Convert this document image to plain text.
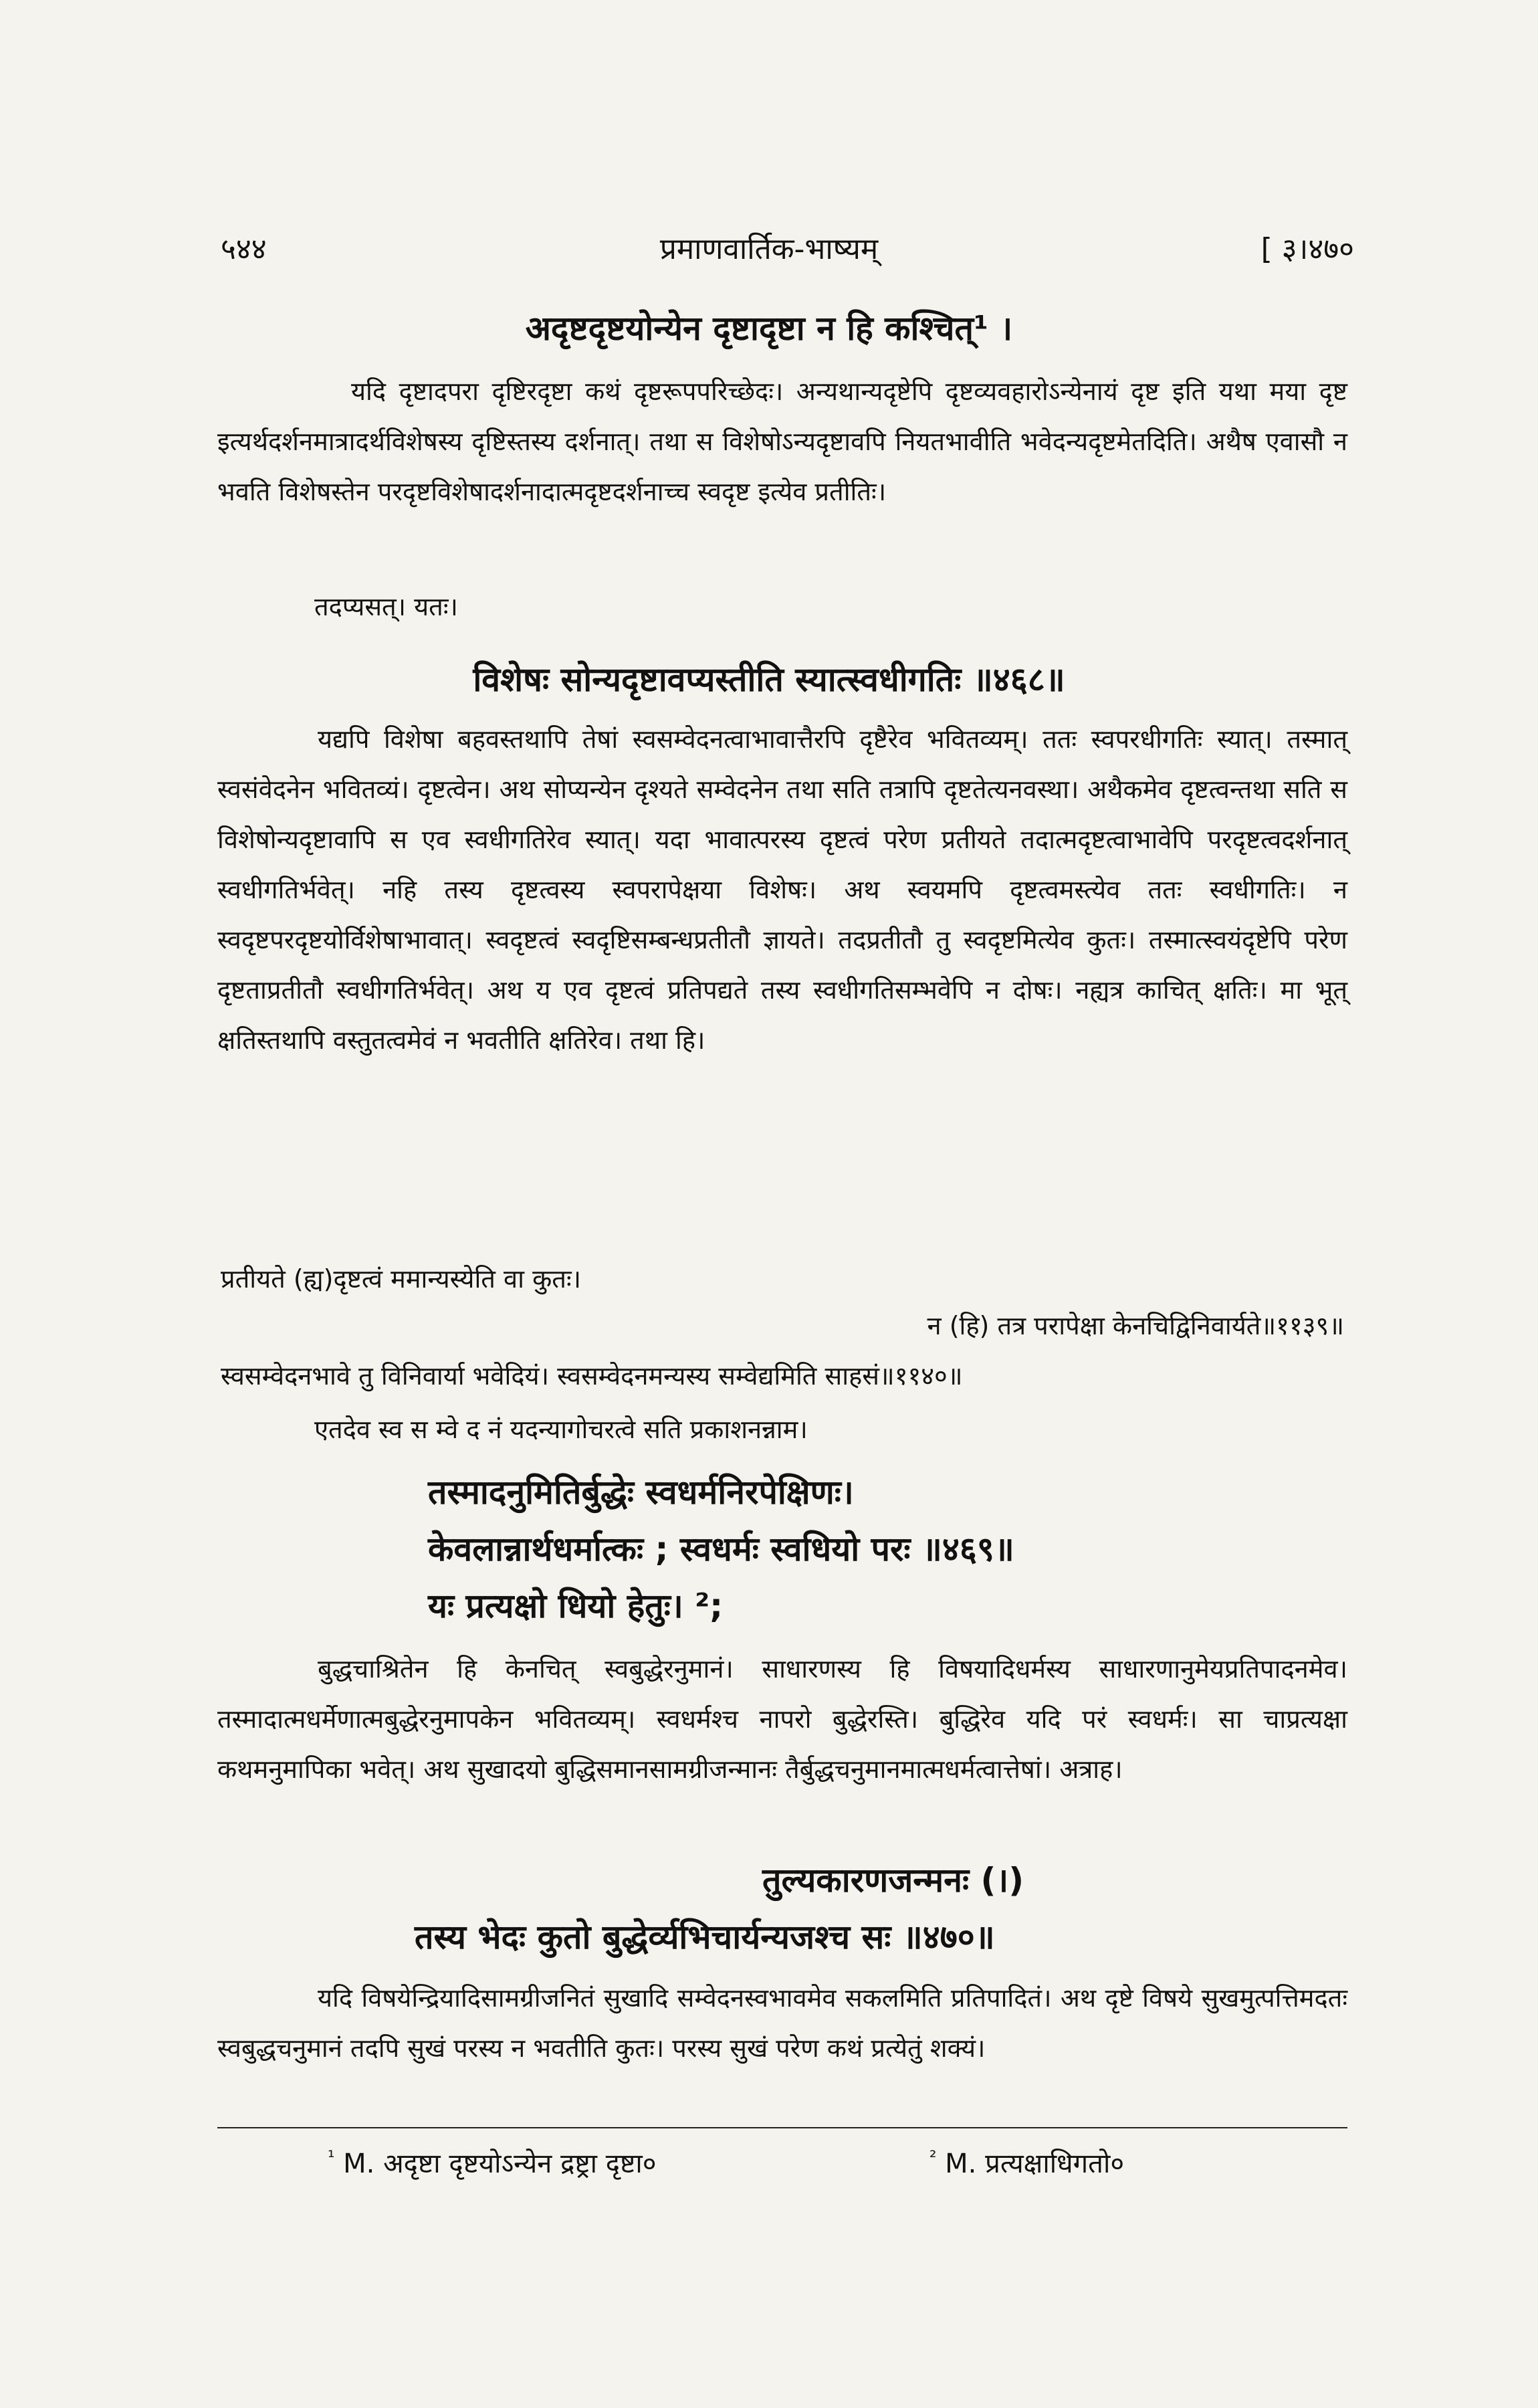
५४४	प्रमाणवार्तिक-भाष्यम्	[ ३।४७०
अदृष्टदृष्टयोन्येन दृष्टादृष्टा न हि कश्चित्¹ ।
यदि दृष्टादपरा दृष्टिरदृष्टा कथं दृष्टरूपपरिच्छेदः। अन्यथान्यदृष्टेपि दृष्टव्यवहारोऽन्येनायं दृष्ट इति यथा मया दृष्ट इत्यर्थदर्शनमात्रादर्थविशेषस्य दृष्टिस्तस्य दर्शनात्। तथा स विशेषोऽन्यदृष्टावपि नियतभावीति भवेदन्यदृष्टमेतदिति। अथैष एवासौ न भवति विशेषस्तेन परदृष्टविशेषादर्शनादात्मदृष्टदर्शनाच्च स्वदृष्ट इत्येव प्रतीतिः।
तदप्यसत्। यतः।
विशेषः सोन्यदृष्टावप्यस्तीति स्यात्स्वधीगतिः ॥४६८॥
यद्यपि विशेषा बहवस्तथापि तेषां स्वसम्वेदनत्वाभावात्तैरपि दृष्टैरेव भवितव्यम्। ततः स्वपरधीगतिः स्यात्। तस्मात् स्वसंवेदनेन भवितव्यं। दृष्टत्वेन। अथ सोप्यन्येन दृश्यते सम्वेदनेन तथा सति तत्रापि दृष्टतेत्यनवस्था। अथैकमेव दृष्टत्वन्तथा सति स विशेषोन्यदृष्टावापि स एव स्वधीगतिरेव स्यात्। यदा भावात्परस्य दृष्टत्वं परेण प्रतीयते तदात्मदृष्टत्वाभावेपि परदृष्टत्वदर्शनात् स्वधीगतिर्भवेत्। नहि तस्य दृष्टत्वस्य स्वपरापेक्षया विशेषः। अथ स्वयमपि दृष्टत्वमस्त्येव ततः स्वधीगतिः। न स्वदृष्टपरदृष्टयोर्विशेषाभावात्। स्वदृष्टत्वं स्वदृष्टिसम्बन्धप्रतीतौ ज्ञायते। तदप्रतीतौ तु स्वदृष्टमित्येव कुतः। तस्मात्स्वयंदृष्टेपि परेण दृष्टताप्रतीतौ स्वधीगतिर्भवेत्। अथ य एव दृष्टत्वं प्रतिपद्यते तस्य स्वधीगतिसम्भवेपि न दोषः। नह्यत्र काचित् क्षतिः। मा भूत् क्षतिस्तथापि वस्तुतत्वमेवं न भवतीति क्षतिरेव। तथा हि।
प्रतीयते (ह्य)दृष्टत्वं ममान्यस्येति वा कुतः।
न (हि) तत्र परापेक्षा केनचिद्विनिवार्यते॥११३९॥
स्वसम्वेदनभावे तु विनिवार्या भवेदियं। स्वसम्वेदनमन्यस्य सम्वेद्यमिति साहसं॥११४०॥
एतदेव स्व स म्वे द नं यदन्यागोचरत्वे सति प्रकाशनन्नाम।
तस्मादनुमितिर्बुद्धेः स्वधर्मनिरपेक्षिणः।
केवलान्नार्थधर्मात्कः ; स्वधर्मः स्वधियो परः ॥४६९॥
यः प्रत्यक्षो धियो हेतुः। ²;
बुद्धचाश्रितेन हि केनचित् स्वबुद्धेरनुमानं। साधारणस्य हि विषयादिधर्मस्य साधारणानुमेयप्रतिपादनमेव। तस्मादात्मधर्मेणात्मबुद्धेरनुमापकेन भवितव्यम्। स्वधर्मश्च नापरो बुद्धेरस्ति। बुद्धिरेव यदि परं स्वधर्मः। सा चाप्रत्यक्षा कथमनुमापिका भवेत्। अथ सुखादयो बुद्धिसमानसामग्रीजन्मानः तैर्बुद्धचनुमानमात्मधर्मत्वात्तेषां। अत्राह।
तुल्यकारणजन्मनः (।)
तस्य भेदः कुतो बुद्धेर्व्यभिचार्यन्यजश्च सः ॥४७०॥
यदि विषयेन्द्रियादिसामग्रीजनितं सुखादि सम्वेदनस्वभावमेव सकलमिति प्रतिपादितं। अथ दृष्टे विषये सुखमुत्पत्तिमदतः स्वबुद्धचनुमानं तदपि सुखं परस्य न भवतीति कुतः। परस्य सुखं परेण कथं प्रत्येतुं शक्यं।
$^{^1}$ M. अदृष्टा दृष्टयोऽन्येन द्रष्ट्रा दृष्टा०	$^{^2}$ M. प्रत्यक्षाधिगतो०
